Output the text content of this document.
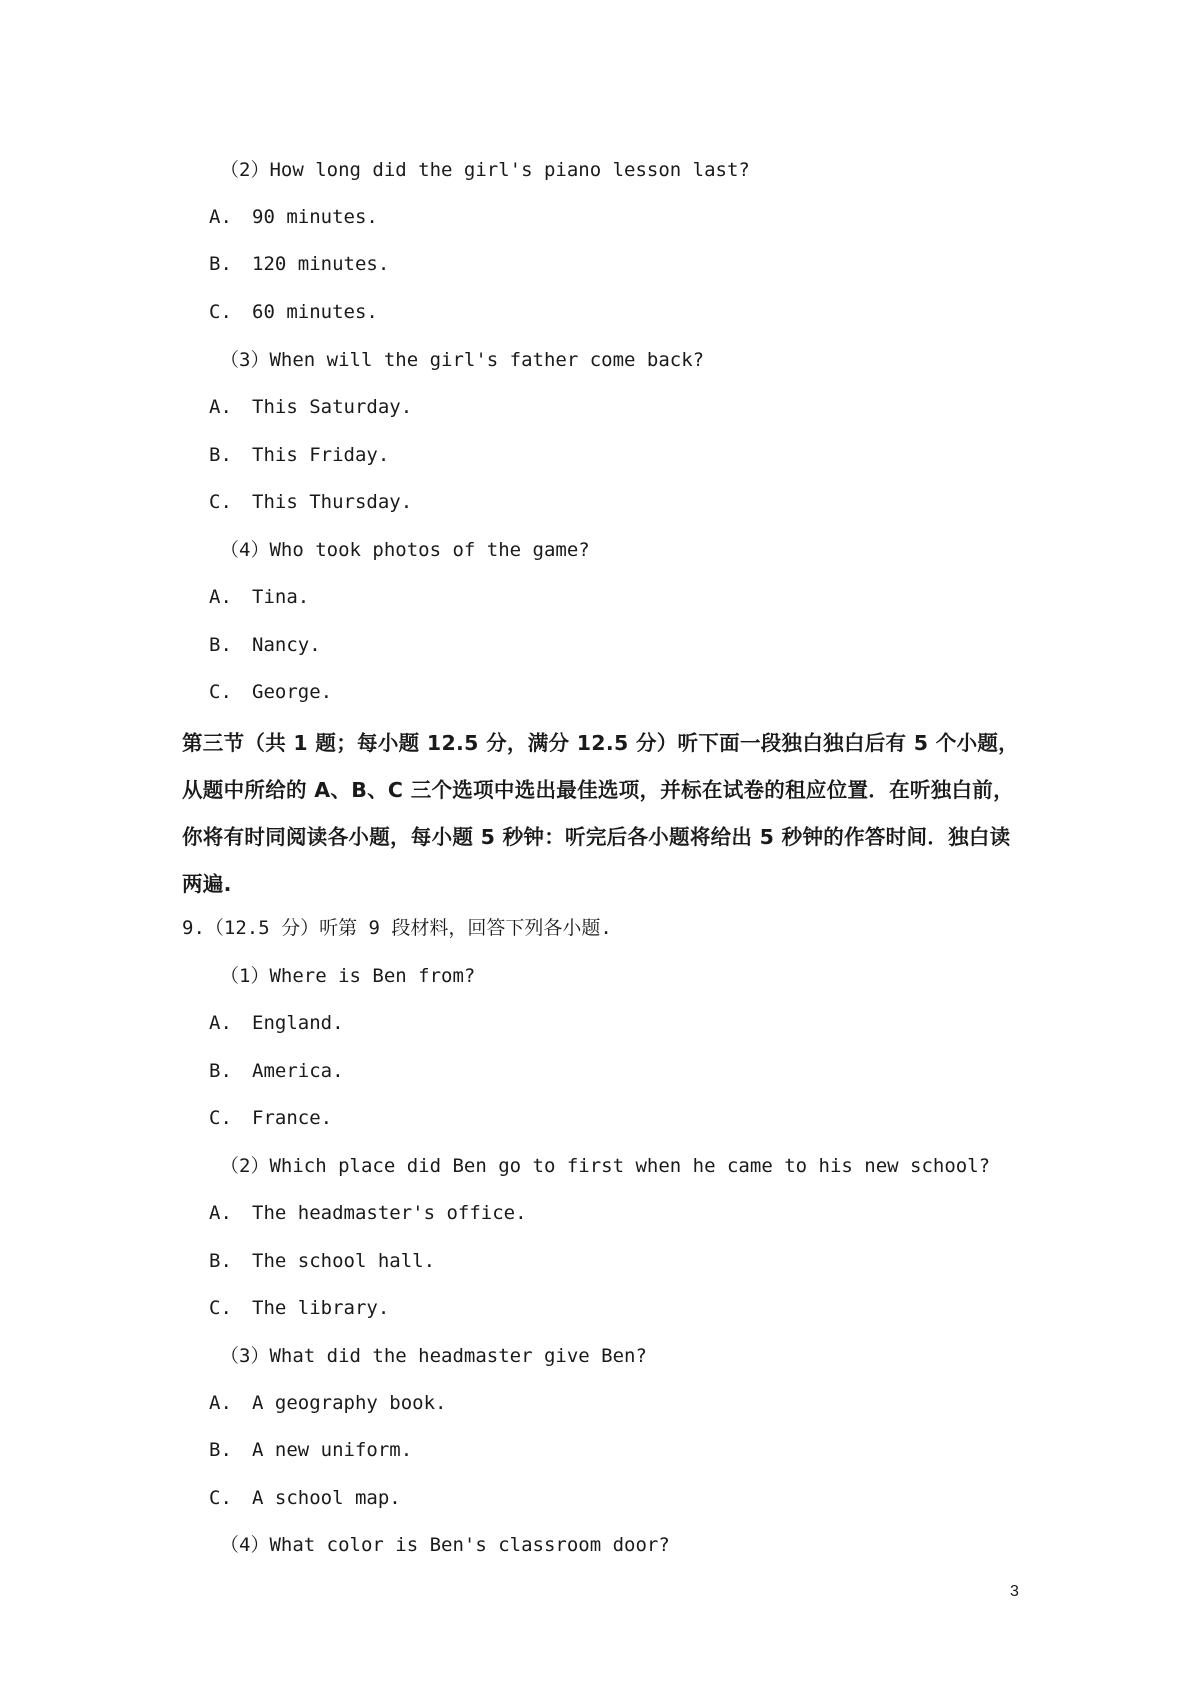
（2）How long did the girl's piano lesson last?
A. 90 minutes.
B. 120 minutes.
C. 60 minutes.
（3）When will the girl's father come back?
A. This Saturday.
B. This Friday.
C. This Thursday.
（4）Who took photos of the game?
A. Tina.
B. Nancy.
C. George.
第三节（共 1 题；每小题 12.5 分，满分 12.5 分）听下面一段独白独白后有 5 个小题，从题中所给的 A、B、C 三个选项中选出最佳选项，并标在试卷的租应位置．在听独白前，你将有时同阅读各小题，每小题 5 秒钟：听完后各小题将给出 5 秒钟的作答时间．独白读两遍.
9.（12.5 分）听第 9 段材料，回答下列各小题.
（1）Where is Ben from?
A. England.
B. America.
C. France.
（2）Which place did Ben go to first when he came to his new school?
A. The headmaster's office.
B. The school hall.
C. The library.
（3）What did the headmaster give Ben?
A. A geography book.
B. A new uniform.
C. A school map.
（4）What color is Ben's classroom door?
3
